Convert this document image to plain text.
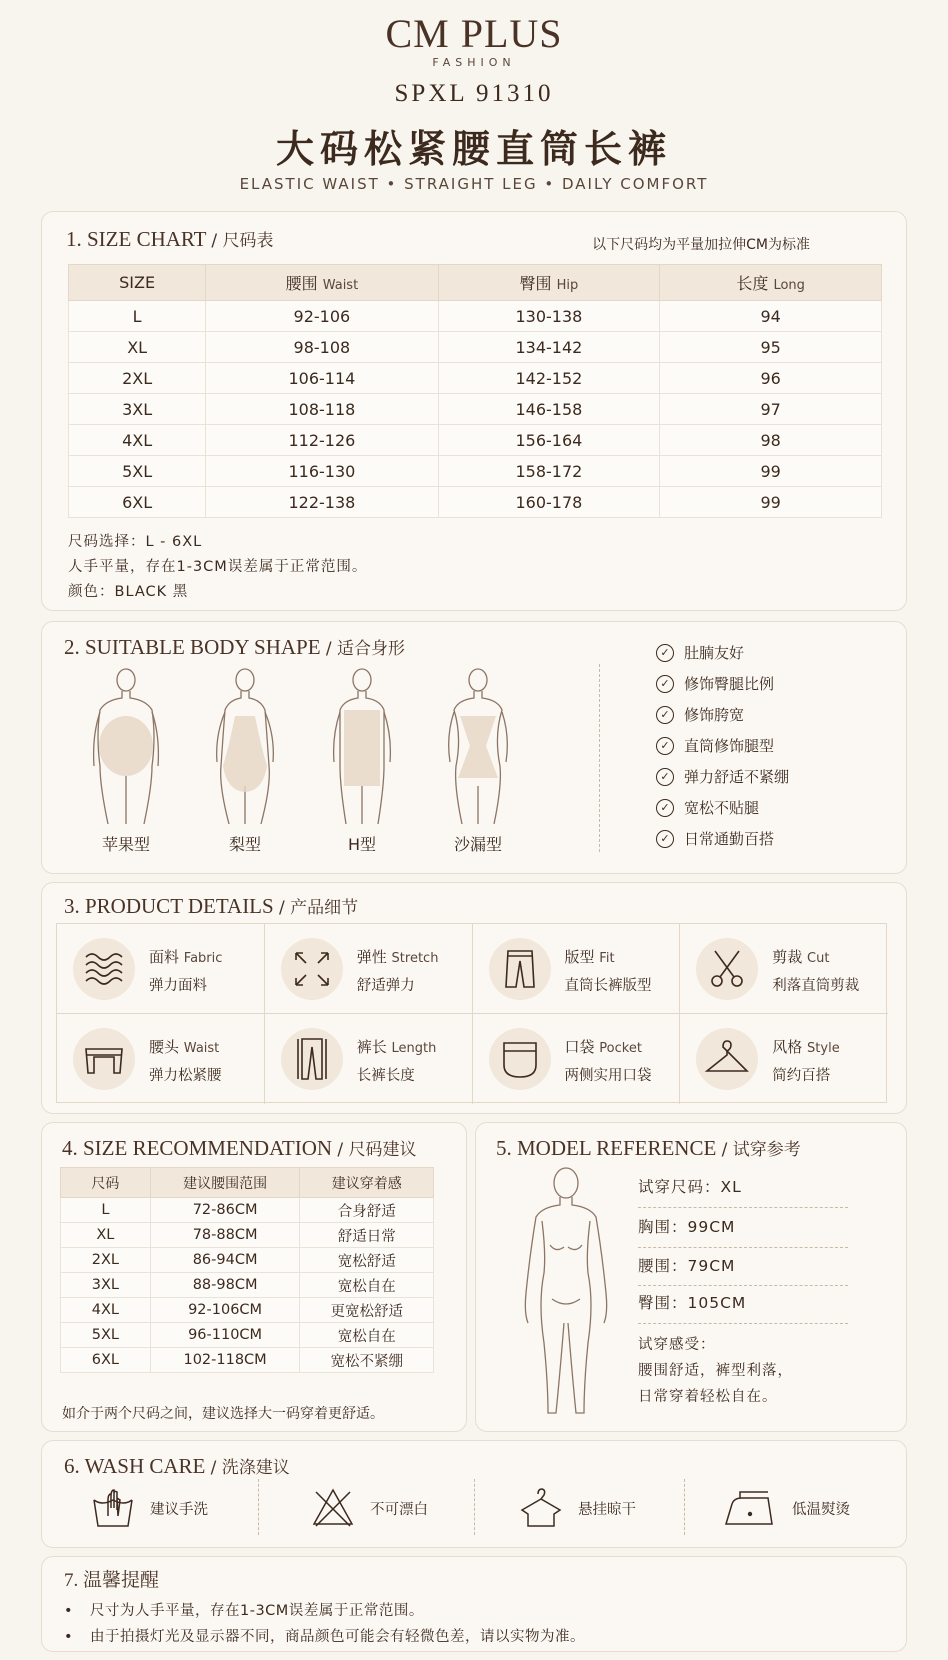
CM PLUS
FASHION
SPXL 91310
大码松紧腰直筒长裤
ELASTIC WAIST • STRAIGHT LEG • DAILY COMFORT
1. SIZE CHART / 尺码表	以下尺码均为平量加拉伸CM为标准
SIZE	腰围 Waist	臀围 Hip	长度 Long
L	92-106	130-138	94
XL	98-108	134-142	95
2XL	106-114	142-152	96
3XL	108-118	146-158	97
4XL	112-126	156-164	98
5XL	116-130	158-172	99
6XL	122-138	160-178	99
尺码选择：L - 6XL
人手平量，存在1-3CM误差属于正常范围。
颜色：BLACK 黑
2. SUITABLE BODY SHAPE / 适合身形
苹果型	梨型	H型	沙漏型
✓ 肚腩友好
✓ 修饰臀腿比例
✓ 修饰胯宽
✓ 直筒修饰腿型
✓ 弹力舒适不紧绷
✓ 宽松不贴腿
✓ 日常通勤百搭
3. PRODUCT DETAILS / 产品细节
面料 Fabric
弹力面料
弹性 Stretch
舒适弹力
版型 Fit
直筒长裤版型
剪裁 Cut
利落直筒剪裁
腰头 Waist
弹力松紧腰
裤长 Length
长裤长度
口袋 Pocket
两侧实用口袋
风格 Style
简约百搭
4. SIZE RECOMMENDATION / 尺码建议
尺码	建议腰围范围	建议穿着感
L	72-86CM	合身舒适
XL	78-88CM	舒适日常
2XL	86-94CM	宽松舒适
3XL	88-98CM	宽松自在
4XL	92-106CM	更宽松舒适
5XL	96-110CM	宽松自在
6XL	102-118CM	宽松不紧绷
如介于两个尺码之间，建议选择大一码穿着更舒适。
5. MODEL REFERENCE / 试穿参考
试穿尺码：XL
胸围：99CM
腰围：79CM
臀围：105CM
试穿感受：
腰围舒适，裤型利落，
日常穿着轻松自在。
6. WASH CARE / 洗涤建议
建议手洗	不可漂白	悬挂晾干	低温熨烫
7. 温馨提醒
• 尺寸为人手平量，存在1-3CM误差属于正常范围。
• 由于拍摄灯光及显示器不同，商品颜色可能会有轻微色差，请以实物为准。
